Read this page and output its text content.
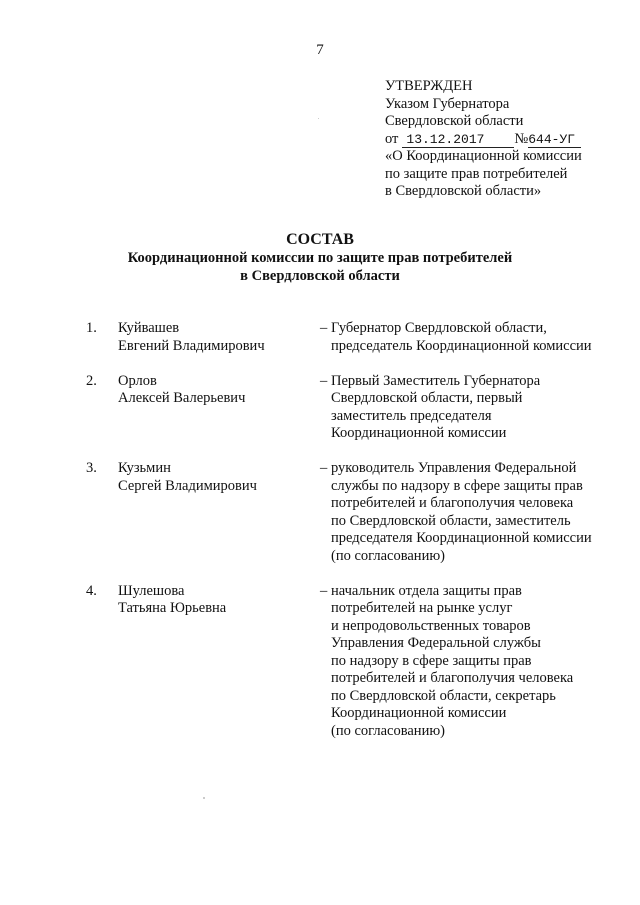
7
УТВЕРЖДЕН
Указом Губернатора
Свердловской области
от 13.12.2017 №644-УГ
«О Координационной комиссии
по защите прав потребителей
в Свердловской области»
СОСТАВ
Координационной комиссии по защите прав потребителей
в Свердловской области
1. Куйвашев
Евгений Владимирович
– Губернатор Свердловской области,
председатель Координационной комиссии
2. Орлов
Алексей Валерьевич
– Первый Заместитель Губернатора
Свердловской области, первый
заместитель председателя
Координационной комиссии
3. Кузьмин
Сергей Владимирович
– руководитель Управления Федеральной
службы по надзору в сфере защиты прав
потребителей и благополучия человека
по Свердловской области, заместитель
председателя Координационной комиссии
(по согласованию)
4. Шулешова
Татьяна Юрьевна
– начальник отдела защиты прав
потребителей на рынке услуг
и непродовольственных товаров
Управления Федеральной службы
по надзору в сфере защиты прав
потребителей и благополучия человека
по Свердловской области, секретарь
Координационной комиссии
(по согласованию)
